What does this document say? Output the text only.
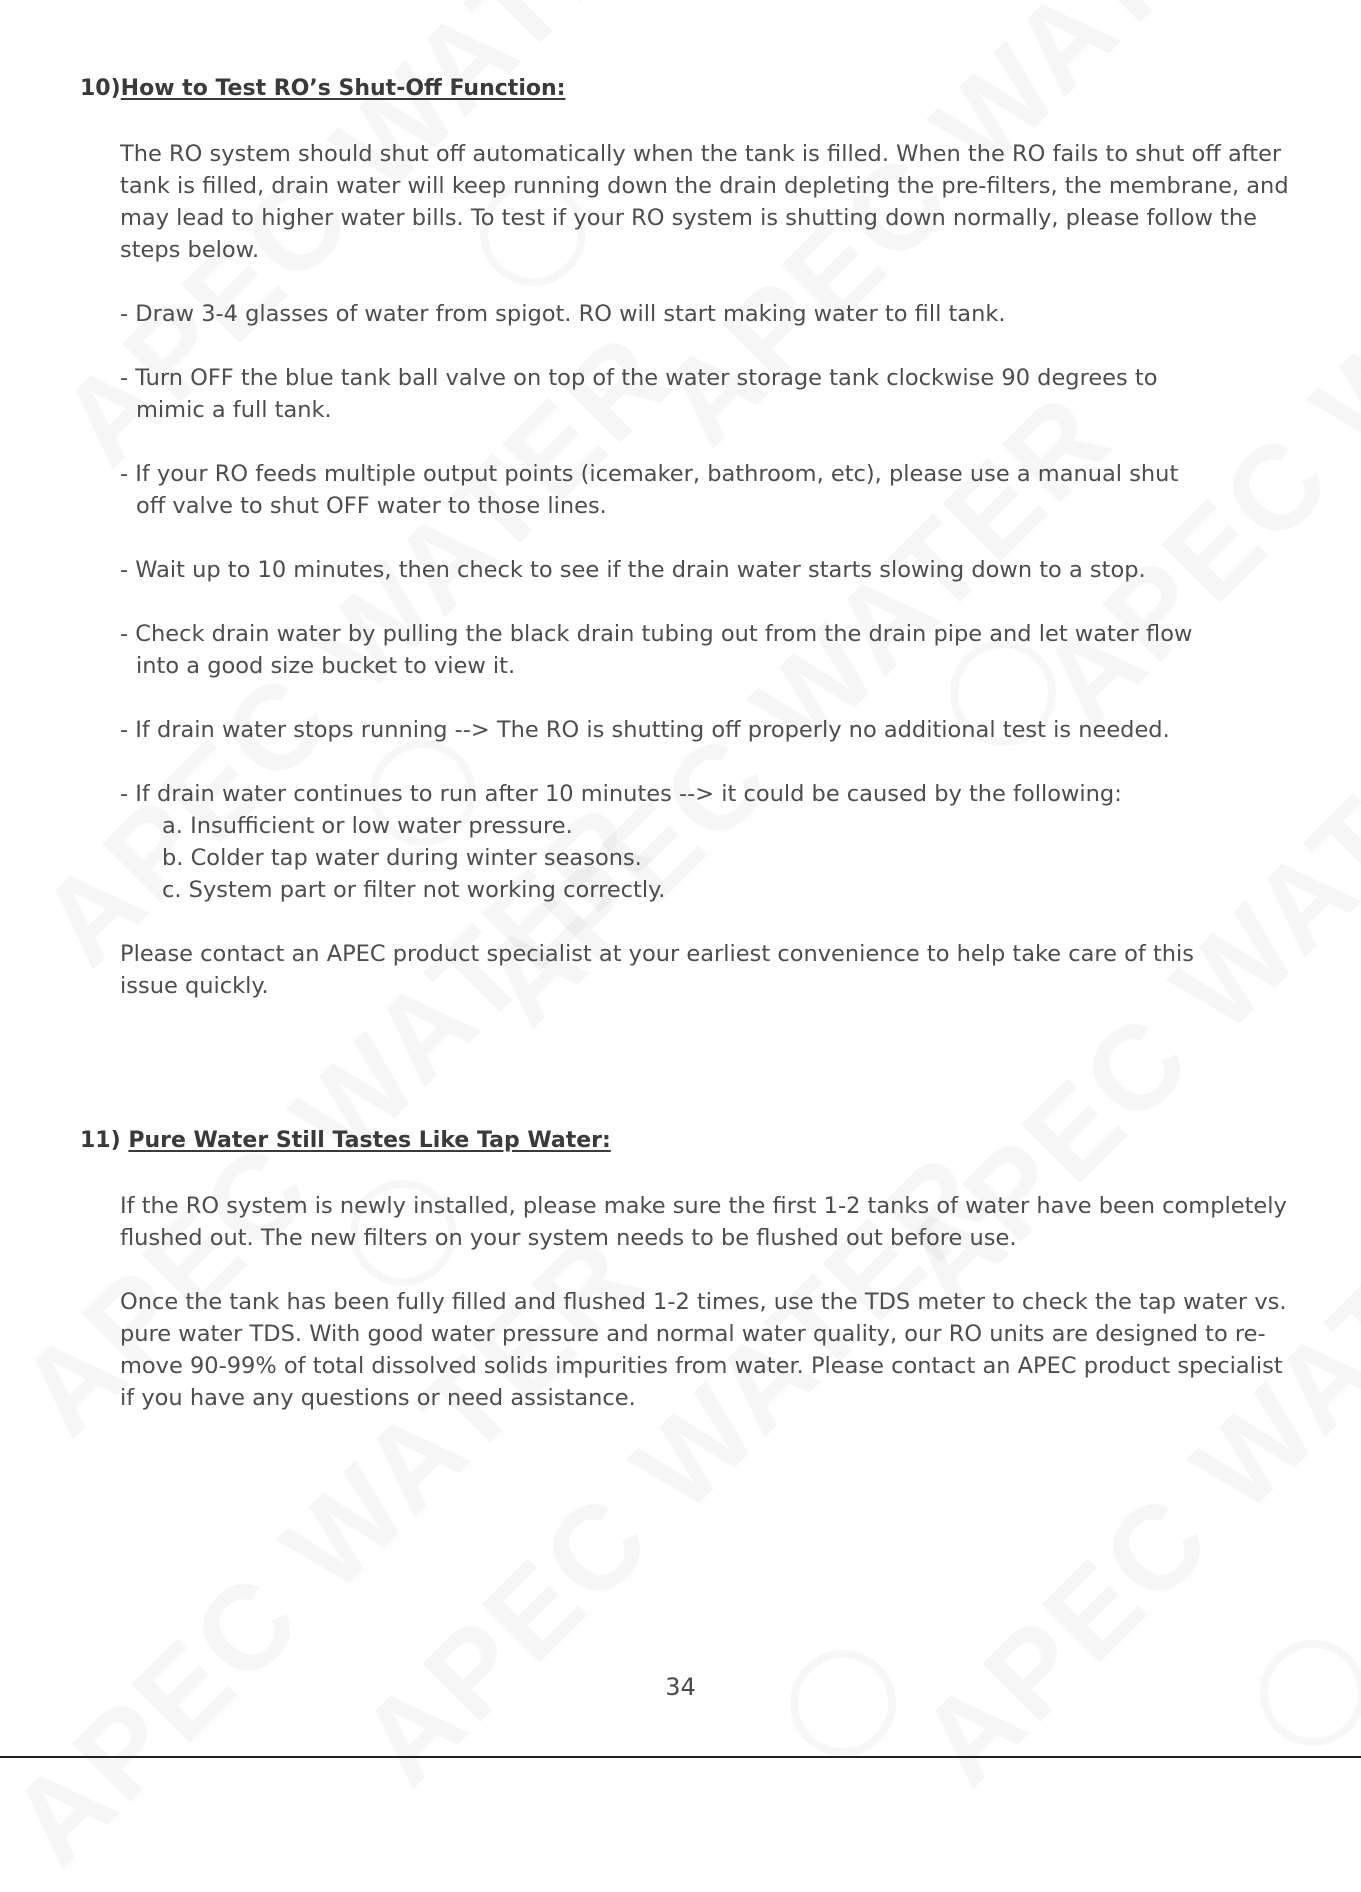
10)How to Test RO’s Shut-Off Function:
The RO system should shut off automatically when the tank is filled. When the RO fails to shut off after
tank is filled, drain water will keep running down the drain depleting the pre-filters, the membrane, and
may lead to higher water bills. To test if your RO system is shutting down normally, please follow the
steps below.
- Draw 3-4 glasses of water from spigot. RO will start making water to fill tank.
- Turn OFF the blue tank ball valve on top of the water storage tank clockwise 90 degrees to
mimic a full tank.
- If your RO feeds multiple output points (icemaker, bathroom, etc), please use a manual shut
off valve to shut OFF water to those lines.
- Wait up to 10 minutes, then check to see if the drain water starts slowing down to a stop.
- Check drain water by pulling the black drain tubing out from the drain pipe and let water flow
into a good size bucket to view it.
- If drain water stops running --> The RO is shutting off properly no additional test is needed.
- If drain water continues to run after 10 minutes --> it could be caused by the following:
a. Insufficient or low water pressure.
b. Colder tap water during winter seasons.
c. System part or filter not working correctly.
Please contact an APEC product specialist at your earliest convenience to help take care of this
issue quickly.
11) Pure Water Still Tastes Like Tap Water:
If the RO system is newly installed, please make sure the first 1-2 tanks of water have been completely
flushed out. The new filters on your system needs to be flushed out before use.
Once the tank has been fully filled and flushed 1-2 times, use the TDS meter to check the tap water vs.
pure water TDS. With good water pressure and normal water quality, our RO units are designed to re-
move 90-99% of total dissolved solids impurities from water. Please contact an APEC product specialist
if you have any questions or need assistance.
34
